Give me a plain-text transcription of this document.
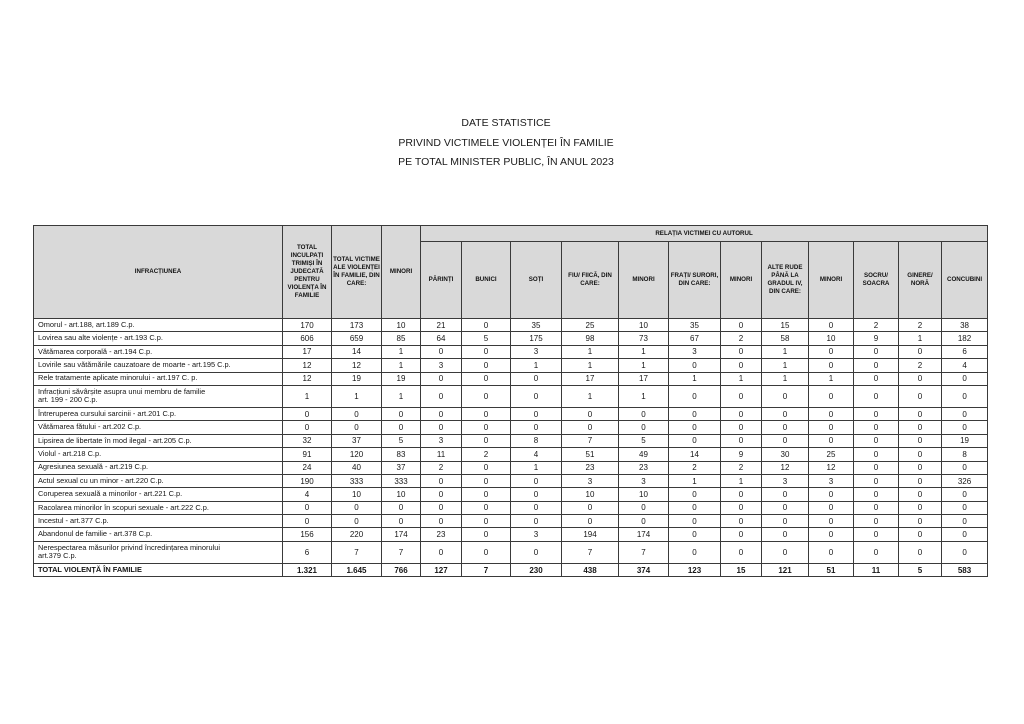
DATE STATISTICE
PRIVIND VICTIMELE VIOLENȚEI ÎN FAMILIE
PE TOTAL MINISTER PUBLIC, ÎN ANUL 2023
INFRACȚIUNEA	TOTAL INCULPAȚI TRIMIȘI ÎN JUDECATĂ PENTRU VIOLENȚA ÎN FAMILIE	TOTAL VICTIME ALE VIOLENȚEI ÎN FAMILIE, DIN CARE:	MINORI	RELAȚIA VICTIMEI CU AUTORUL											
				PĂRINȚI	BUNICI	SOȚI	FIU/ FIICĂ, DIN CARE:	MINORI	FRAȚI/ SURORI, DIN CARE:	MINORI	ALTE RUDE PÂNĂ LA GRADUL IV, DIN CARE:	MINORI	SOCRU/ SOACRA	GINERE/ NORĂ	CONCUBINI
Omorul - art.188, art.189 C.p.	170	173	10	21	0	35	25	10	35	0	15	0	2	2	38
Lovirea sau alte violențe - art.193 C.p.	606	659	85	64	5	175	98	73	67	2	58	10	9	1	182
Vătămarea corporală - art.194 C.p.	17	14	1	0	0	3	1	1	3	0	1	0	0	0	6
Lovirile sau vătămările cauzatoare de moarte - art.195 C.p.	12	12	1	3	0	1	1	1	0	0	1	0	0	2	4
Rele tratamente aplicate minorului - art.197 C. p.	12	19	19	0	0	0	17	17	1	1	1	1	0	0	0
Infracțiuni săvârșite asupra unui membru de familie
art. 199 - 200 C.p.	1	1	1	0	0	0	1	1	0	0	0	0	0	0	0
Întreruperea cursului sarcinii - art.201 C.p.	0	0	0	0	0	0	0	0	0	0	0	0	0	0	0
Vătămarea fătului - art.202 C.p.	0	0	0	0	0	0	0	0	0	0	0	0	0	0	0
Lipsirea de libertate în mod ilegal - art.205 C.p.	32	37	5	3	0	8	7	5	0	0	0	0	0	0	19
Violul - art.218 C.p.	91	120	83	11	2	4	51	49	14	9	30	25	0	0	8
Agresiunea sexuală - art.219 C.p.	24	40	37	2	0	1	23	23	2	2	12	12	0	0	0
Actul sexual cu un minor - art.220 C.p.	190	333	333	0	0	0	3	3	1	1	3	3	0	0	326
Coruperea sexuală a minorilor - art.221 C.p.	4	10	10	0	0	0	10	10	0	0	0	0	0	0	0
Racolarea minorilor în scopuri sexuale - art.222 C.p.	0	0	0	0	0	0	0	0	0	0	0	0	0	0	0
Incestul - art.377 C.p.	0	0	0	0	0	0	0	0	0	0	0	0	0	0	0
Abandonul de familie - art.378 C.p.	156	220	174	23	0	3	194	174	0	0	0	0	0	0	0
Nerespectarea măsurilor privind încredințarea minorului
art.379 C.p.	6	7	7	0	0	0	7	7	0	0	0	0	0	0	0
TOTAL VIOLENȚĂ ÎN FAMILIE	1.321	1.645	766	127	7	230	438	374	123	15	121	51	11	5	583
